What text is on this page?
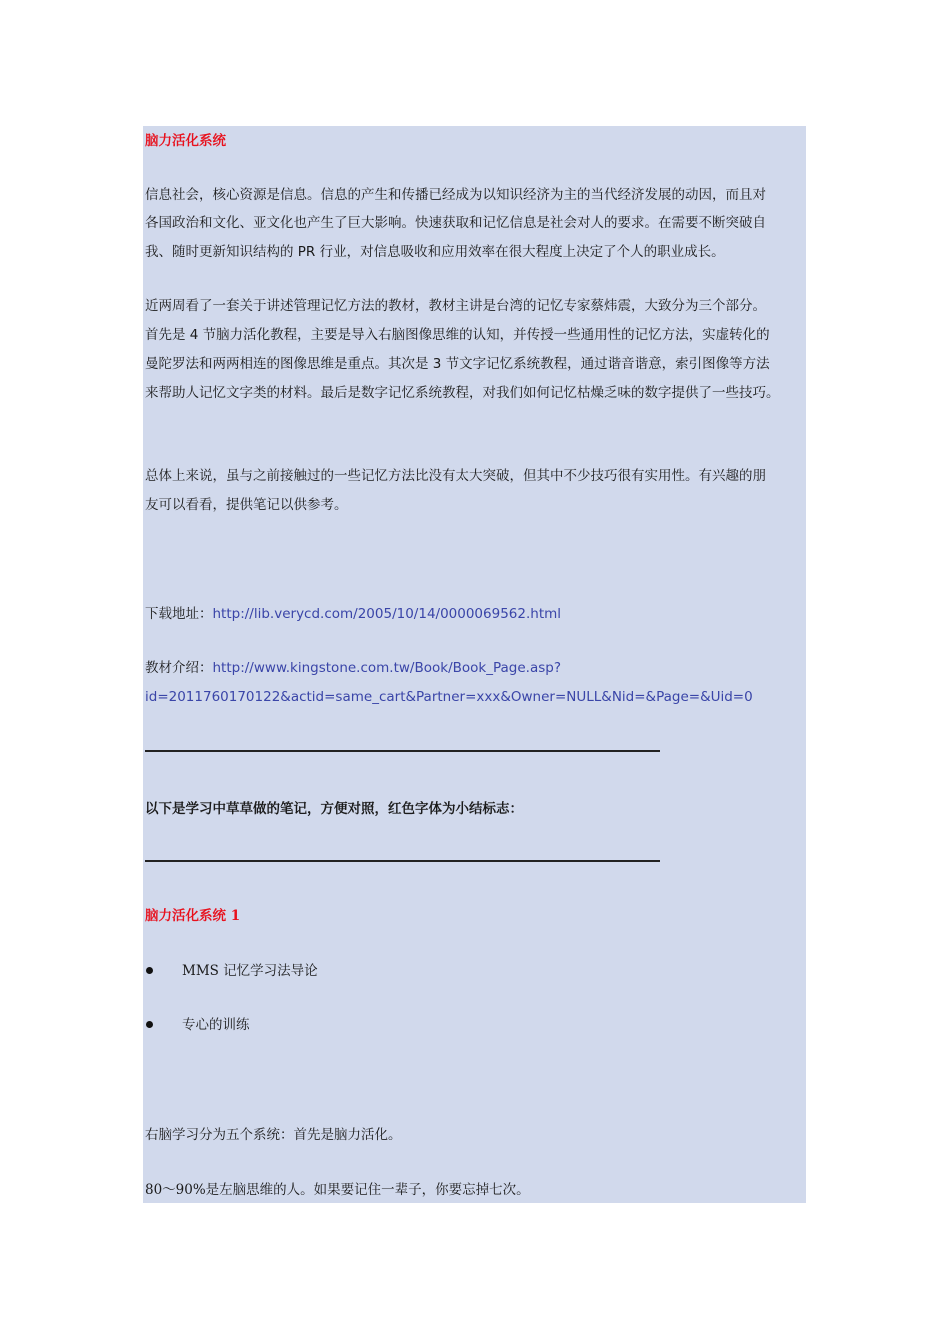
脑力活化系统

信息社会，核心资源是信息。信息的产生和传播已经成为以知识经济为主的当代经济发展的动因，而且对

各国政治和文化、亚文化也产生了巨大影响。快速获取和记忆信息是社会对人的要求。在需要不断突破自

我、随时更新知识结构的 PR 行业，对信息吸收和应用效率在很大程度上决定了个人的职业成长。

近两周看了一套关于讲述管理记忆方法的教材，教材主讲是台湾的记忆专家蔡炜震，大致分为三个部分。

首先是 4 节脑力活化教程，主要是导入右脑图像思维的认知，并传授一些通用性的记忆方法，实虚转化的

曼陀罗法和两两相连的图像思维是重点。其次是 3 节文字记忆系统教程，通过谐音谐意，索引图像等方法

来帮助人记忆文字类的材料。最后是数字记忆系统教程，对我们如何记忆枯燥乏味的数字提供了一些技巧。

总体上来说，虽与之前接触过的一些记忆方法比没有太大突破，但其中不少技巧很有实用性。有兴趣的朋

友可以看看，提供笔记以供参考。

下载地址：http://lib.verycd.com/2005/10/14/0000069562.html

教材介绍：http://www.kingstone.com.tw/Book/Book_Page.asp?

id=2011760170122&actid=same_cart&Partner=xxx&Owner=NULL&Nid=&Page=&Uid=0

以下是学习中草草做的笔记，方便对照，红色字体为小结标志：

脑力活化系统 1

MMS 记忆学习法导论

专心的训练

右脑学习分为五个系统：首先是脑力活化。

80～90%是左脑思维的人。如果要记住一辈子，你要忘掉七次。
